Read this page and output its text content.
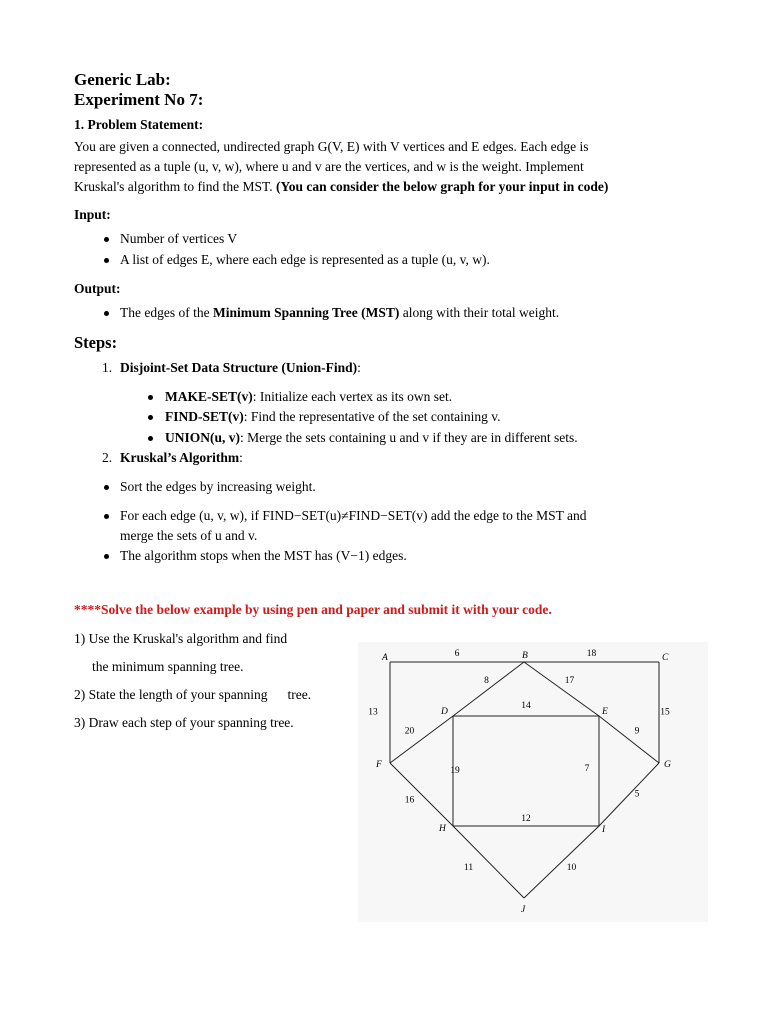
Generic Lab:
Experiment No 7:
1. Problem Statement:
You are given a connected, undirected graph G(V, E) with V vertices and E edges. Each edge is
represented as a tuple (u, v, w), where u and v are the vertices, and w is the weight. Implement
Kruskal's algorithm to find the MST. (You can consider the below graph for your input in code)
Input:
Number of vertices V
A list of edges E, where each edge is represented as a tuple (u, v, w).
Output:
The edges of the Minimum Spanning Tree (MST) along with their total weight.
Steps:
1. Disjoint-Set Data Structure (Union-Find):
MAKE-SET(v): Initialize each vertex as its own set.
FIND-SET(v): Find the representative of the set containing v.
UNION(u, v): Merge the sets containing u and v if they are in different sets.
2. Kruskal’s Algorithm:
Sort the edges by increasing weight.
For each edge (u, v, w), if FIND−SET(u)≠FIND−SET(v) add the edge to the MST and
merge the sets of u and v.
The algorithm stops when the MST has (V−1) edges.
****Solve the below example by using pen and paper and submit it with your code.
1) Use the Kruskal's algorithm and find
the minimum spanning tree.
2) State the length of your spanning tree.
3) Draw each step of your spanning tree.
6	18
13	15
8	17
14
20	9
19	7
16
5
12
11	10
A	B	C
D	E
F	G
H	I
J
